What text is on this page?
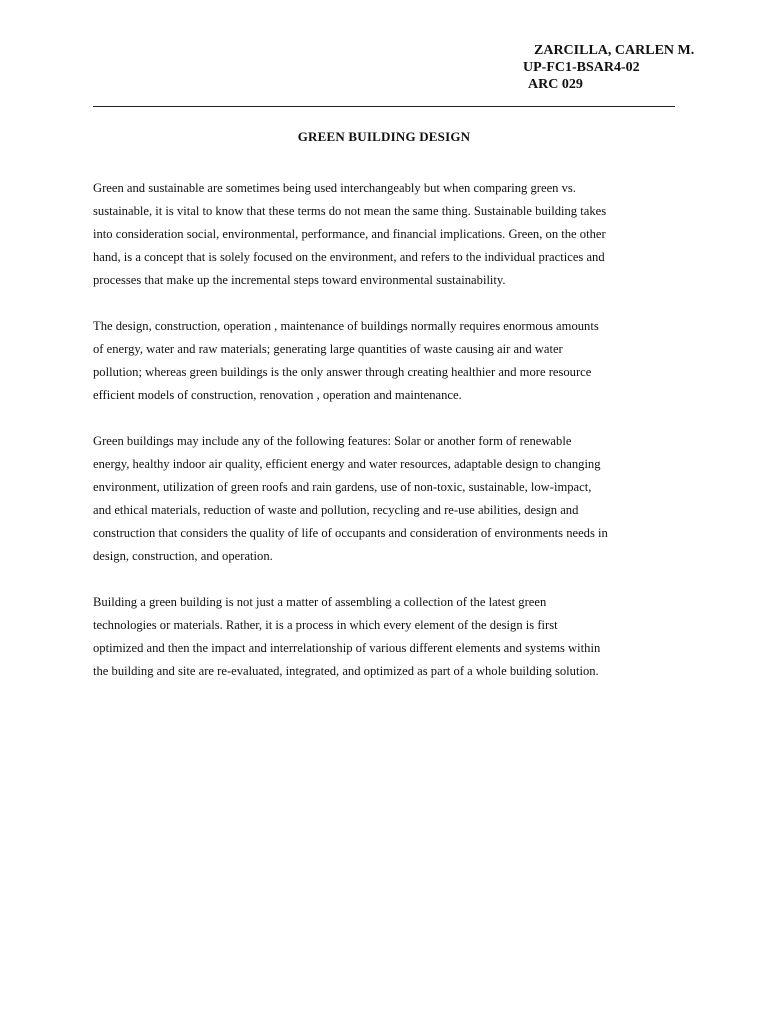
ZARCILLA, CARLEN M.
UP-FC1-BSAR4-02
ARC 029
GREEN BUILDING DESIGN

Green and sustainable are sometimes being used interchangeably but when comparing green vs.
sustainable, it is vital to know that these terms do not mean the same thing. Sustainable building takes
into consideration social, environmental, performance, and financial implications. Green, on the other
hand, is a concept that is solely focused on the environment, and refers to the individual practices and
processes that make up the incremental steps toward environmental sustainability.

The design, construction, operation , maintenance of buildings normally requires enormous amounts
of energy, water and raw materials; generating large quantities of waste causing air and water
pollution; whereas green buildings is the only answer through creating healthier and more resource
efficient models of construction, renovation , operation and maintenance.

Green buildings may include any of the following features: Solar or another form of renewable
energy, healthy indoor air quality, efficient energy and water resources, adaptable design to changing
environment, utilization of green roofs and rain gardens, use of non-toxic, sustainable, low-impact,
and ethical materials, reduction of waste and pollution, recycling and re-use abilities, design and
construction that considers the quality of life of occupants and consideration of environments needs in
design, construction, and operation.

Building a green building is not just a matter of assembling a collection of the latest green
technologies or materials. Rather, it is a process in which every element of the design is first
optimized and then the impact and interrelationship of various different elements and systems within
the building and site are re-evaluated, integrated, and optimized as part of a whole building solution.
